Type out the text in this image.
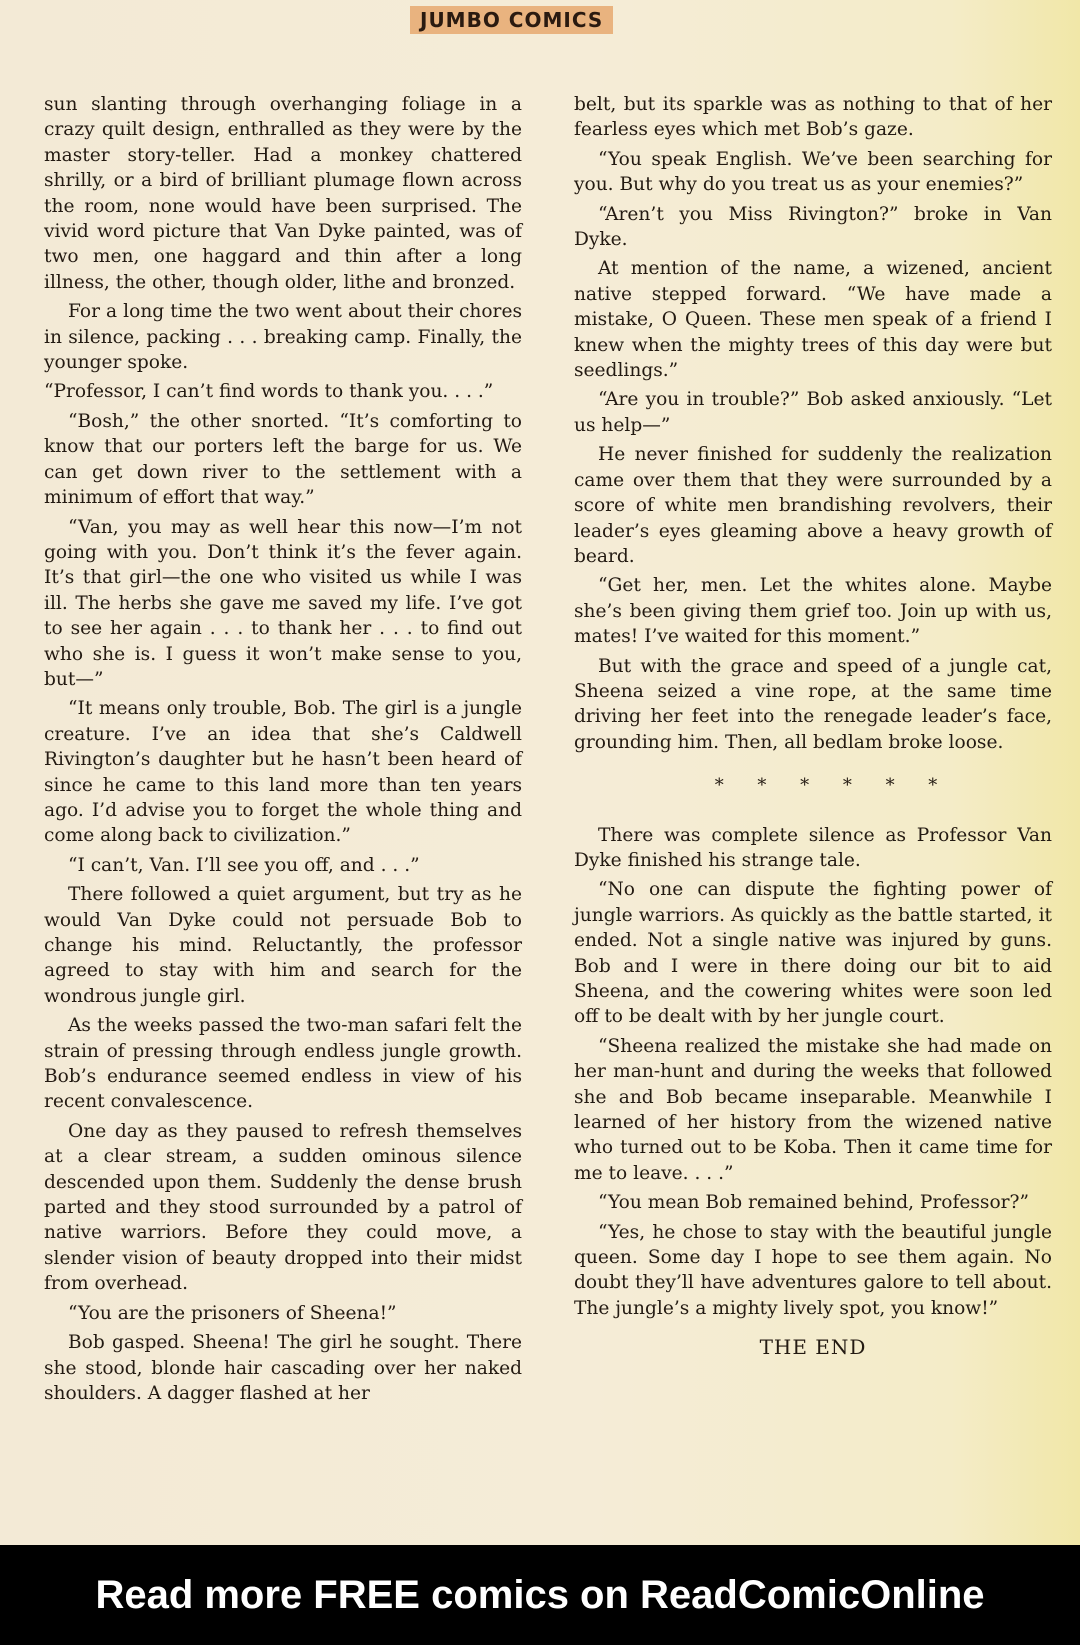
JUMBO COMICS

sun slanting through overhanging foliage in a crazy quilt design, enthralled as they were by the master story-teller. Had a monkey chattered shrilly, or a bird of brilliant plumage flown across the room, none would have been surprised. The vivid word picture that Van Dyke painted, was of two men, one haggard and thin after a long illness, the other, though older, lithe and bronzed.

For a long time the two went about their chores in silence, packing . . . breaking camp. Finally, the younger spoke.

“Professor, I can’t find words to thank you. . . .”

“Bosh,” the other snorted. “It’s comforting to know that our porters left the barge for us. We can get down river to the settlement with a minimum of effort that way.”

“Van, you may as well hear this now—I’m not going with you. Don’t think it’s the fever again. It’s that girl—the one who visited us while I was ill. The herbs she gave me saved my life. I’ve got to see her again . . . to thank her . . . to find out who she is. I guess it won’t make sense to you, but—”

“It means only trouble, Bob. The girl is a jungle creature. I’ve an idea that she’s Caldwell Rivington’s daughter but he hasn’t been heard of since he came to this land more than ten years ago. I’d advise you to forget the whole thing and come along back to civilization.”

“I can’t, Van. I’ll see you off, and . . .”

There followed a quiet argument, but try as he would Van Dyke could not persuade Bob to change his mind. Reluctantly, the professor agreed to stay with him and search for the wondrous jungle girl.

As the weeks passed the two-man safari felt the strain of pressing through endless jungle growth. Bob’s endurance seemed endless in view of his recent convalescence.

One day as they paused to refresh themselves at a clear stream, a sudden ominous silence descended upon them. Suddenly the dense brush parted and they stood surrounded by a patrol of native warriors. Before they could move, a slender vision of beauty dropped into their midst from overhead.

“You are the prisoners of Sheena!”

Bob gasped. Sheena! The girl he sought. There she stood, blonde hair cascading over her naked shoulders. A dagger flashed at her

belt, but its sparkle was as nothing to that of her fearless eyes which met Bob’s gaze.

“You speak English. We’ve been searching for you. But why do you treat us as your enemies?”

“Aren’t you Miss Rivington?” broke in Van Dyke.

At mention of the name, a wizened, ancient native stepped forward. “We have made a mistake, O Queen. These men speak of a friend I knew when the mighty trees of this day were but seedlings.”

“Are you in trouble?” Bob asked anxiously. “Let us help—”

He never finished for suddenly the realization came over them that they were surrounded by a score of white men brandishing revolvers, their leader’s eyes gleaming above a heavy growth of beard.

“Get her, men. Let the whites alone. Maybe she’s been giving them grief too. Join up with us, mates! I’ve waited for this moment.”

But with the grace and speed of a jungle cat, Sheena seized a vine rope, at the same time driving her feet into the renegade leader’s face, grounding him. Then, all bedlam broke loose.

* * * * * *

There was complete silence as Professor Van Dyke finished his strange tale.

“No one can dispute the fighting power of jungle warriors. As quickly as the battle started, it ended. Not a single native was injured by guns. Bob and I were in there doing our bit to aid Sheena, and the cowering whites were soon led off to be dealt with by her jungle court.

“Sheena realized the mistake she had made on her man-hunt and during the weeks that followed she and Bob became inseparable. Meanwhile I learned of her history from the wizened native who turned out to be Koba. Then it came time for me to leave. . . .”

“You mean Bob remained behind, Professor?”

“Yes, he chose to stay with the beautiful jungle queen. Some day I hope to see them again. No doubt they’ll have adventures galore to tell about. The jungle’s a mighty lively spot, you know!”

THE END
Read more FREE comics on ReadComicOnline
